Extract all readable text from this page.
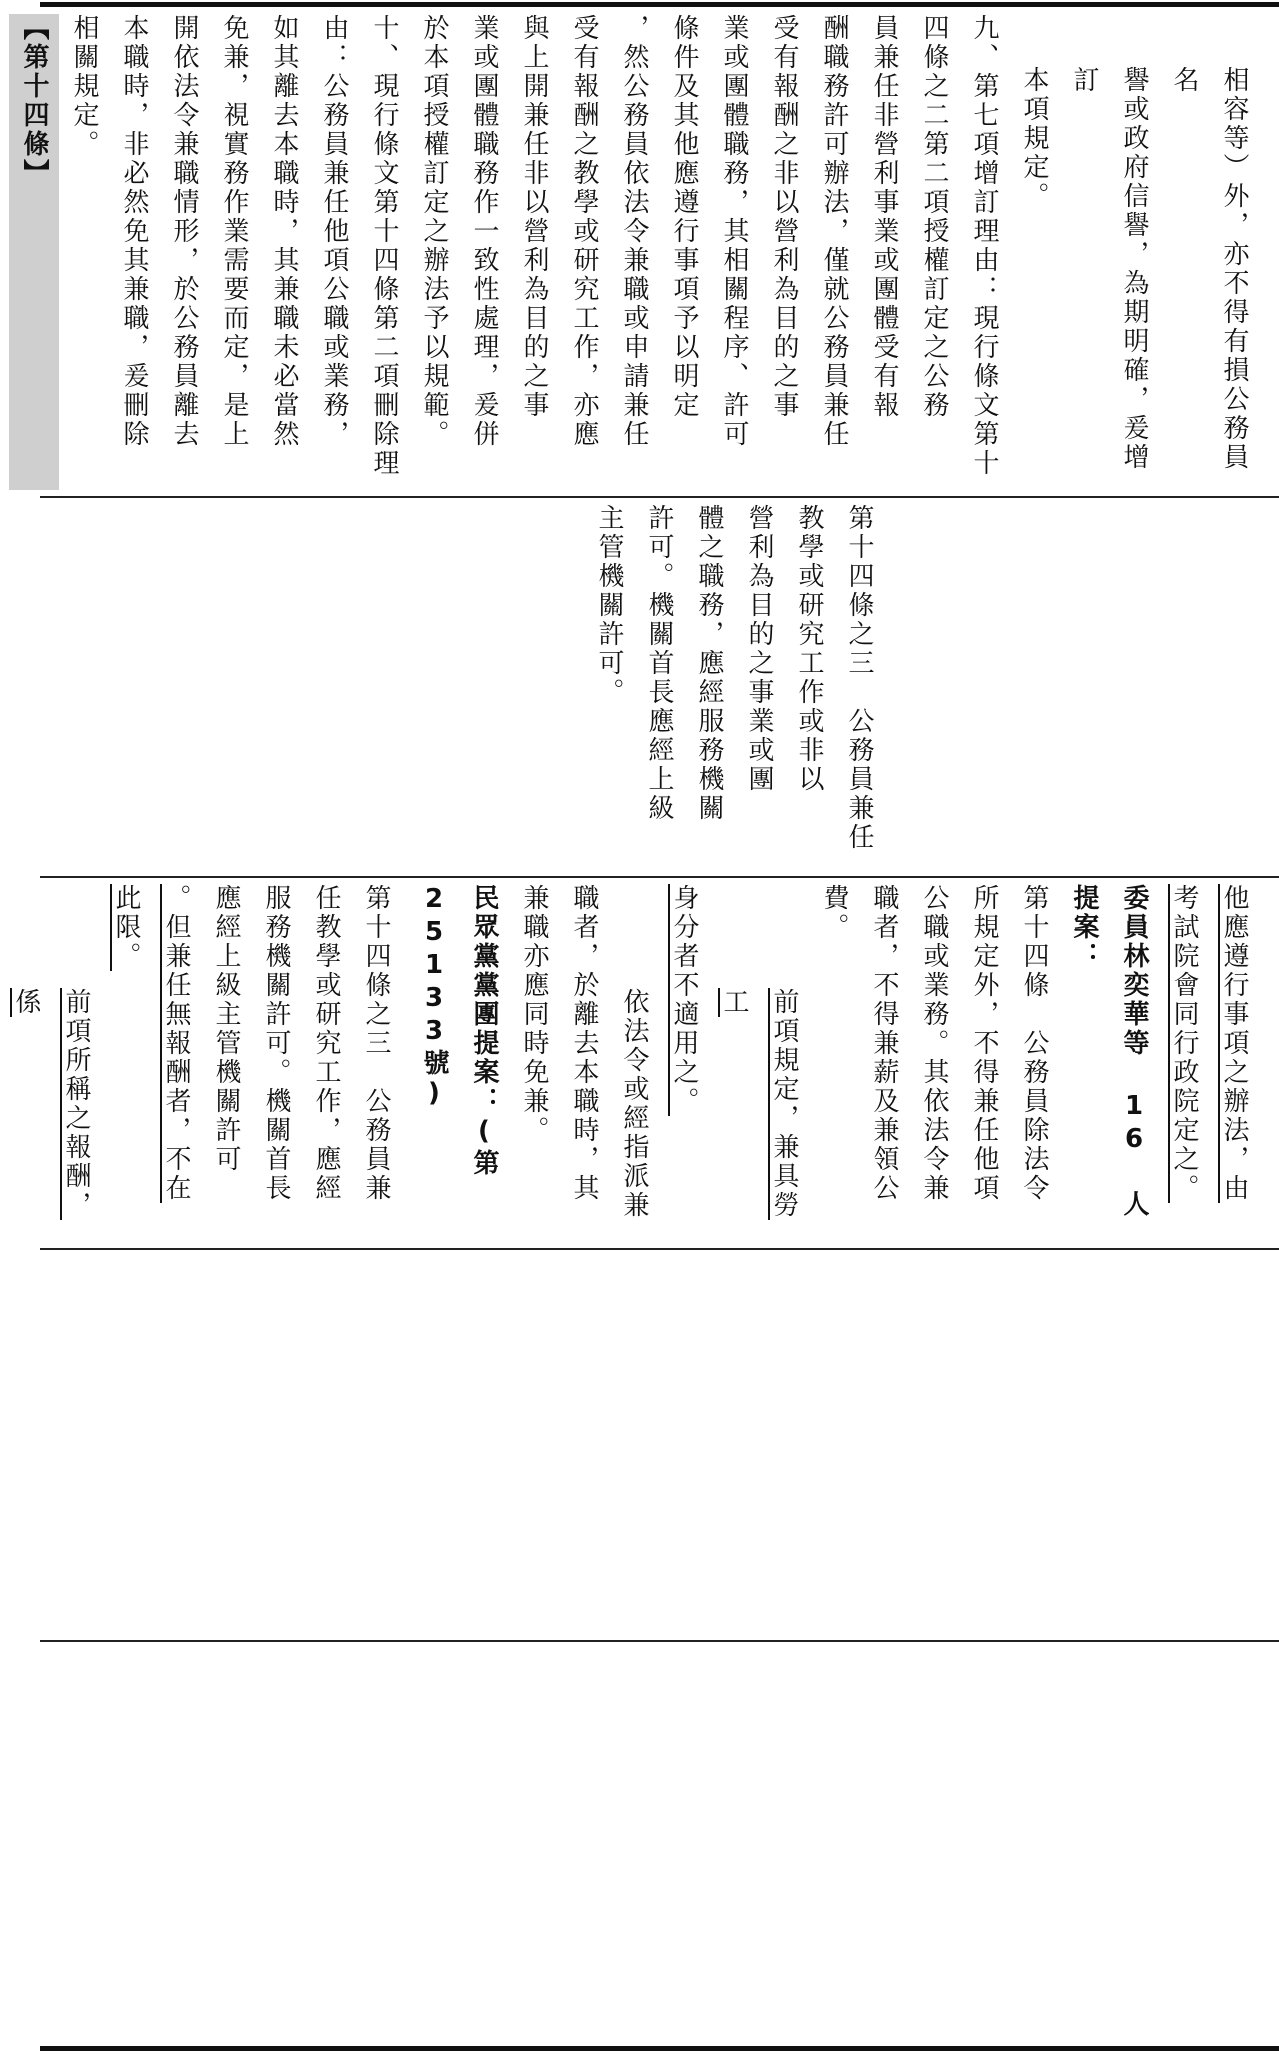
相容等）外，亦不得有損公務員名

譽或政府信譽，為期明確，爰增訂

本項規定。

九、第七項增訂理由：現行條文第十

四條之二第二項授權訂定之公務

員兼任非營利事業或團體受有報

酬職務許可辦法，僅就公務員兼任

受有報酬之非以營利為目的之事

業或團體職務，其相關程序、許可

條件及其他應遵行事項予以明定

，然公務員依法令兼職或申請兼任

受有報酬之教學或研究工作，亦應

與上開兼任非以營利為目的之事

業或團體職務作一致性處理，爰併

於本項授權訂定之辦法予以規範。

十、現行條文第十四條第二項刪除理

由：公務員兼任他項公職或業務，

如其離去本職時，其兼職未必當然

免兼，視實務作業需要而定，是上

開依法令兼職情形，於公務員離去

本職時，非必然免其兼職，爰刪除

相關規定。

【第十四條】

第十四條之三　公務員兼任

教學或研究工作或非以

營利為目的之事業或團

體之職務，應經服務機關

許可。機關首長應經上級

主管機關許可。

他應遵行事項之辦法，由

考試院會同行政院定之。

委員林奕華等 16 人提案：

第十四條　公務員除法令

所規定外，不得兼任他項

公職或業務。其依法令兼

職者，不得兼薪及兼領公

費。

前項規定，兼具勞工

身分者不適用之。

依法令或經指派兼

職者，於離去本職時，其

兼職亦應同時免兼。

民眾黨黨團提案：(第25133號)

第十四條之三　公務員兼

任教學或研究工作，應經

服務機關許可。機關首長

應經上級主管機關許可

。但兼任無報酬者，不在

此限。

前項所稱之報酬，係
